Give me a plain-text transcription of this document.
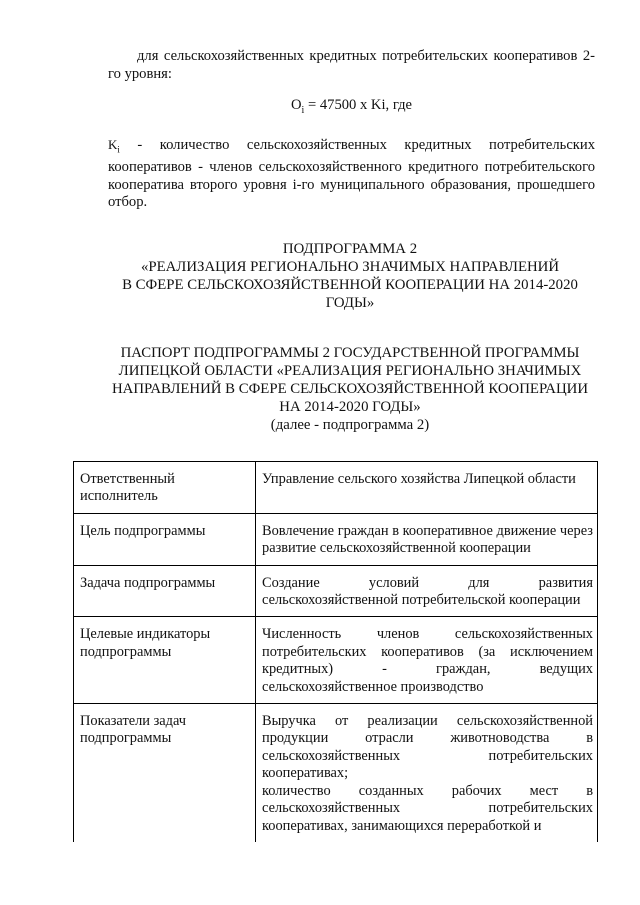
для сельскохозяйственных кредитных потребительских кооперативов 2-го уровня:
$O_i = 47500$ x Ki, где
$K_i$ - количество сельскохозяйственных кредитных потребительских кооперативов - членов сельскохозяйственного кредитного потребительского кооператива второго уровня i-го муниципального образования, прошедшего отбор.
ПОДПРОГРАММА 2
«РЕАЛИЗАЦИЯ РЕГИОНАЛЬНО ЗНАЧИМЫХ НАПРАВЛЕНИЙ
В СФЕРЕ СЕЛЬСКОХОЗЯЙСТВЕННОЙ КООПЕРАЦИИ НА 2014-2020
ГОДЫ»
ПАСПОРТ ПОДПРОГРАММЫ 2 ГОСУДАРСТВЕННОЙ ПРОГРАММЫ
ЛИПЕЦКОЙ ОБЛАСТИ «РЕАЛИЗАЦИЯ РЕГИОНАЛЬНО ЗНАЧИМЫХ
НАПРАВЛЕНИЙ В СФЕРЕ СЕЛЬСКОХОЗЯЙСТВЕННОЙ КООПЕРАЦИИ
НА 2014-2020 ГОДЫ»
(далее - подпрограмма 2)
Ответственный исполнитель	Управление сельского хозяйства Липецкой области
Цель подпрограммы	Вовлечение граждан в кооперативное движение через развитие сельскохозяйственной кооперации
Задача подпрограммы	Создание условий для развития сельскохозяйственной потребительской кооперации
Целевые индикаторы подпрограммы	Численность членов сельскохозяйственных потребительских кооперативов (за исключением кредитных) - граждан, ведущих сельскохозяйственное производство
Показатели задач подпрограммы	Выручка от реализации сельскохозяйственной продукции отрасли животноводства в сельскохозяйственных потребительских кооперативах;
количество созданных рабочих мест в сельскохозяйственных потребительских кооперативах, занимающихся переработкой и
